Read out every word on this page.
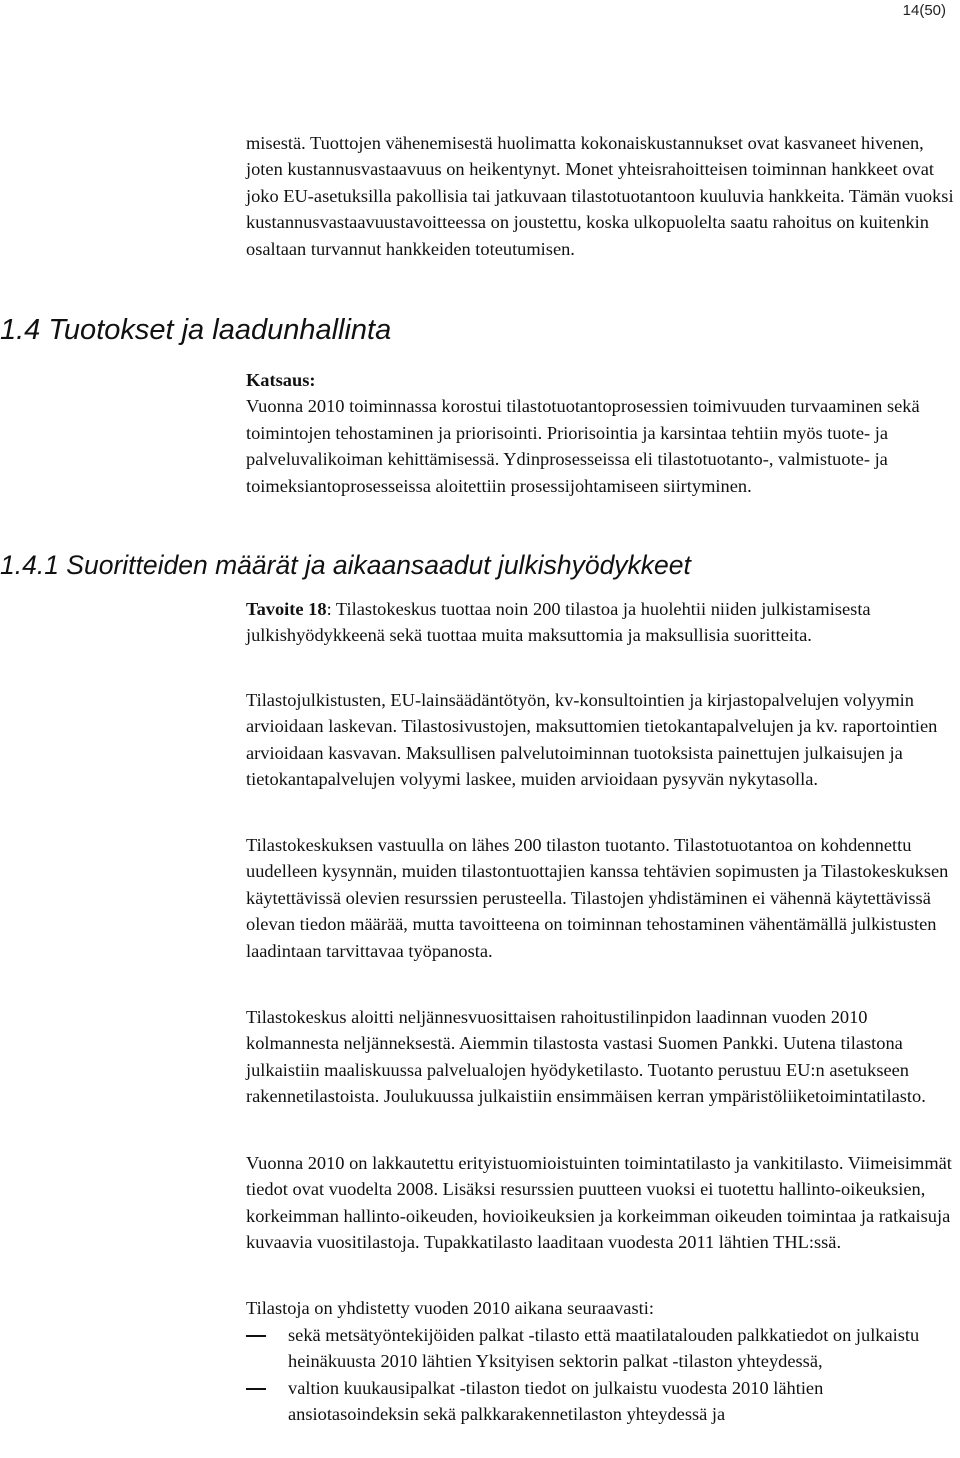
14(50)

misestä. Tuottojen vähenemisestä huolimatta kokonaiskustannukset ovat kasvaneet hivenen, joten kustannusvastaavuus on heikentynyt. Monet yhteisrahoitteisen toiminnan hankkeet ovat joko EU-asetuksilla pakollisia tai jatkuvaan tilastotuotantoon kuuluvia hankkeita. Tämän vuoksi kustannusvastaavuustavoitteessa on joustettu, koska ulkopuolelta saatu rahoitus on kuitenkin osaltaan turvannut hankkeiden toteutumisen.

1.4 Tuotokset ja laadunhallinta
Katsaus:
Vuonna 2010 toiminnassa korostui tilastotuotantoprosessien toimivuuden turvaaminen sekä toimintojen tehostaminen ja priorisointi. Priorisointia ja karsintaa tehtiin myös tuote- ja palveluvalikoiman kehittämisessä. Ydinprosesseissa eli tilastotuotanto-, valmistuote- ja toimeksiantoprosesseissa aloitettiin prosessijohtamiseen siirtyminen.
1.4.1 Suoritteiden määrät ja aikaansaadut julkishyödykkeet

Tavoite 18: Tilastokeskus tuottaa noin 200 tilastoa ja huolehtii niiden julkistamisesta julkishyödykkeenä sekä tuottaa muita maksuttomia ja maksullisia suoritteita.

Tilastojulkistusten, EU-lainsäädäntötyön, kv-konsultointien ja kirjastopalvelujen volyymin arvioidaan laskevan. Tilastosivustojen, maksuttomien tietokantapalvelujen ja kv. raportointien arvioidaan kasvavan. Maksullisen palvelutoiminnan tuotoksista painettujen julkaisujen ja tietokantapalvelujen volyymi laskee, muiden arvioidaan pysyvän nykytasolla.

Tilastokeskuksen vastuulla on lähes 200 tilaston tuotanto. Tilastotuotantoa on kohdennettu uudelleen kysynnän, muiden tilastontuottajien kanssa tehtävien sopimusten ja Tilastokeskuksen käytettävissä olevien resurssien perusteella. Tilastojen yhdistäminen ei vähennä käytettävissä olevan tiedon määrää, mutta tavoitteena on toiminnan tehostaminen vähentämällä julkistusten laadintaan tarvittavaa työpanosta.

Tilastokeskus aloitti neljännesvuosittaisen rahoitustilinpidon laadinnan vuoden 2010 kolmannesta neljänneksestä. Aiemmin tilastosta vastasi Suomen Pankki. Uutena tilastona julkaistiin maaliskuussa palvelualojen hyödyketilasto. Tuotanto perustuu EU:n asetukseen rakennetilastoista. Joulukuussa julkaistiin ensimmäisen kerran ympäristöliiketoimintatilasto.

Vuonna 2010 on lakkautettu erityistuomioistuinten toimintatilasto ja vankitilasto. Viimeisimmät tiedot ovat vuodelta 2008. Lisäksi resurssien puutteen vuoksi ei tuotettu hallinto-oikeuksien, korkeimman hallinto-oikeuden, hovioikeuksien ja korkeimman oikeuden toimintaa ja ratkaisuja kuvaavia vuositilastoja. Tupakkatilasto laaditaan vuodesta 2011 lähtien THL:ssä.

Tilastoja on yhdistetty vuoden 2010 aikana seuraavasti:

sekä metsätyöntekijöiden palkat -tilasto että maatilatalouden palkkatiedot on julkaistu heinäkuusta 2010 lähtien Yksityisen sektorin palkat -tilaston yhteydessä,
valtion kuukausipalkat -tilaston tiedot on julkaistu vuodesta 2010 lähtien ansiotasoindeksin sekä palkkarakennetilaston yhteydessä ja
